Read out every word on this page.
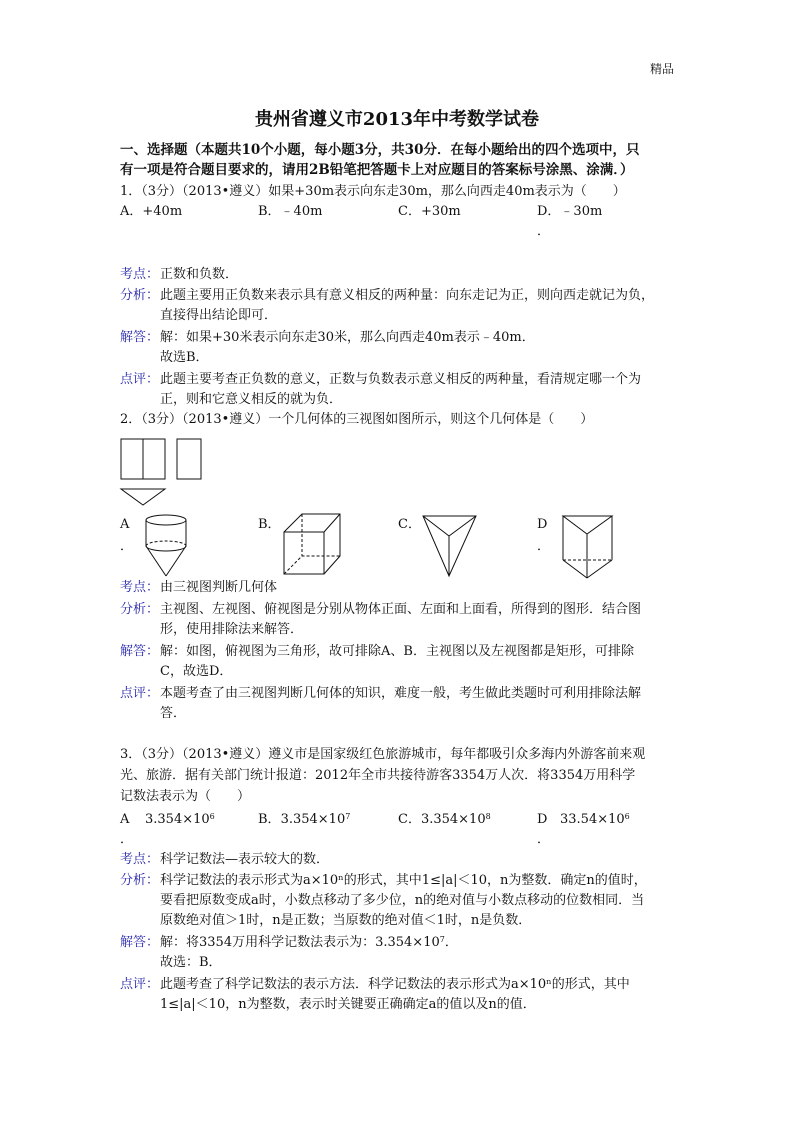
精品
贵州省遵义市2013年中考数学试卷
一、选择题（本题共10个小题，每小题3分，共30分．在每小题给出的四个选项中，只
有一项是符合题目要求的，请用2B铅笔把答题卡上对应题目的答案标号涂黑、涂满．）
1．（3分）（2013•遵义）如果+30m表示向东走30m，那么向西走40m表示为（　　）
A．+40m	B．﹣40m	C．+30m	D．﹣30m
．
考点： 正数和负数．
分析： 此题主要用正负数来表示具有意义相反的两种量：向东走记为正，则向西走就记为负，
直接得出结论即可．
解答： 解：如果+30米表示向东走30米，那么向西走40m表示﹣40m．
故选B．
点评： 此题主要考查正负数的意义，正数与负数表示意义相反的两种量，看清规定哪一个为
正，则和它意义相反的就为负．
2．（3分）（2013•遵义）一个几何体的三视图如图所示，则这个几何体是（　　）
A
．
B．	C．	D
．
考点： 由三视图判断几何体
分析： 主视图、左视图、俯视图是分别从物体正面、左面和上面看，所得到的图形．结合图
形，使用排除法来解答．
解答： 解：如图，俯视图为三角形，故可排除A、B．主视图以及左视图都是矩形，可排除
C，故选D．
点评： 本题考查了由三视图判断几何体的知识，难度一般，考生做此类题时可利用排除法解
答．
3．（3分）（2013•遵义）遵义市是国家级红色旅游城市，每年都吸引众多海内外游客前来观
光、旅游．据有关部门统计报道：2012年全市共接待游客3354万人次．将3354万用科学
记数法表示为（　　）
A $3.354\times 10^6$
．
B．$3.354\times 10^7$	C．$3.354\times 10^8$	D $33.54\times 10^6$
．
考点： 科学记数法—表示较大的数．
分析： 科学记数法的表示形式为a×10ⁿ的形式，其中1≤|a|＜10，n为整数．确定n的值时，
要看把原数变成a时，小数点移动了多少位，n的绝对值与小数点移动的位数相同．当
原数绝对值＞1时，n是正数；当原数的绝对值＜1时，n是负数．
解答： 解：将3354万用科学记数法表示为：$3.354\times 10^7$．
故选：B．
点评： 此题考查了科学记数法的表示方法．科学记数法的表示形式为a×10ⁿ的形式，其中
1≤|a|＜10，n为整数，表示时关键要正确确定a的值以及n的值．
